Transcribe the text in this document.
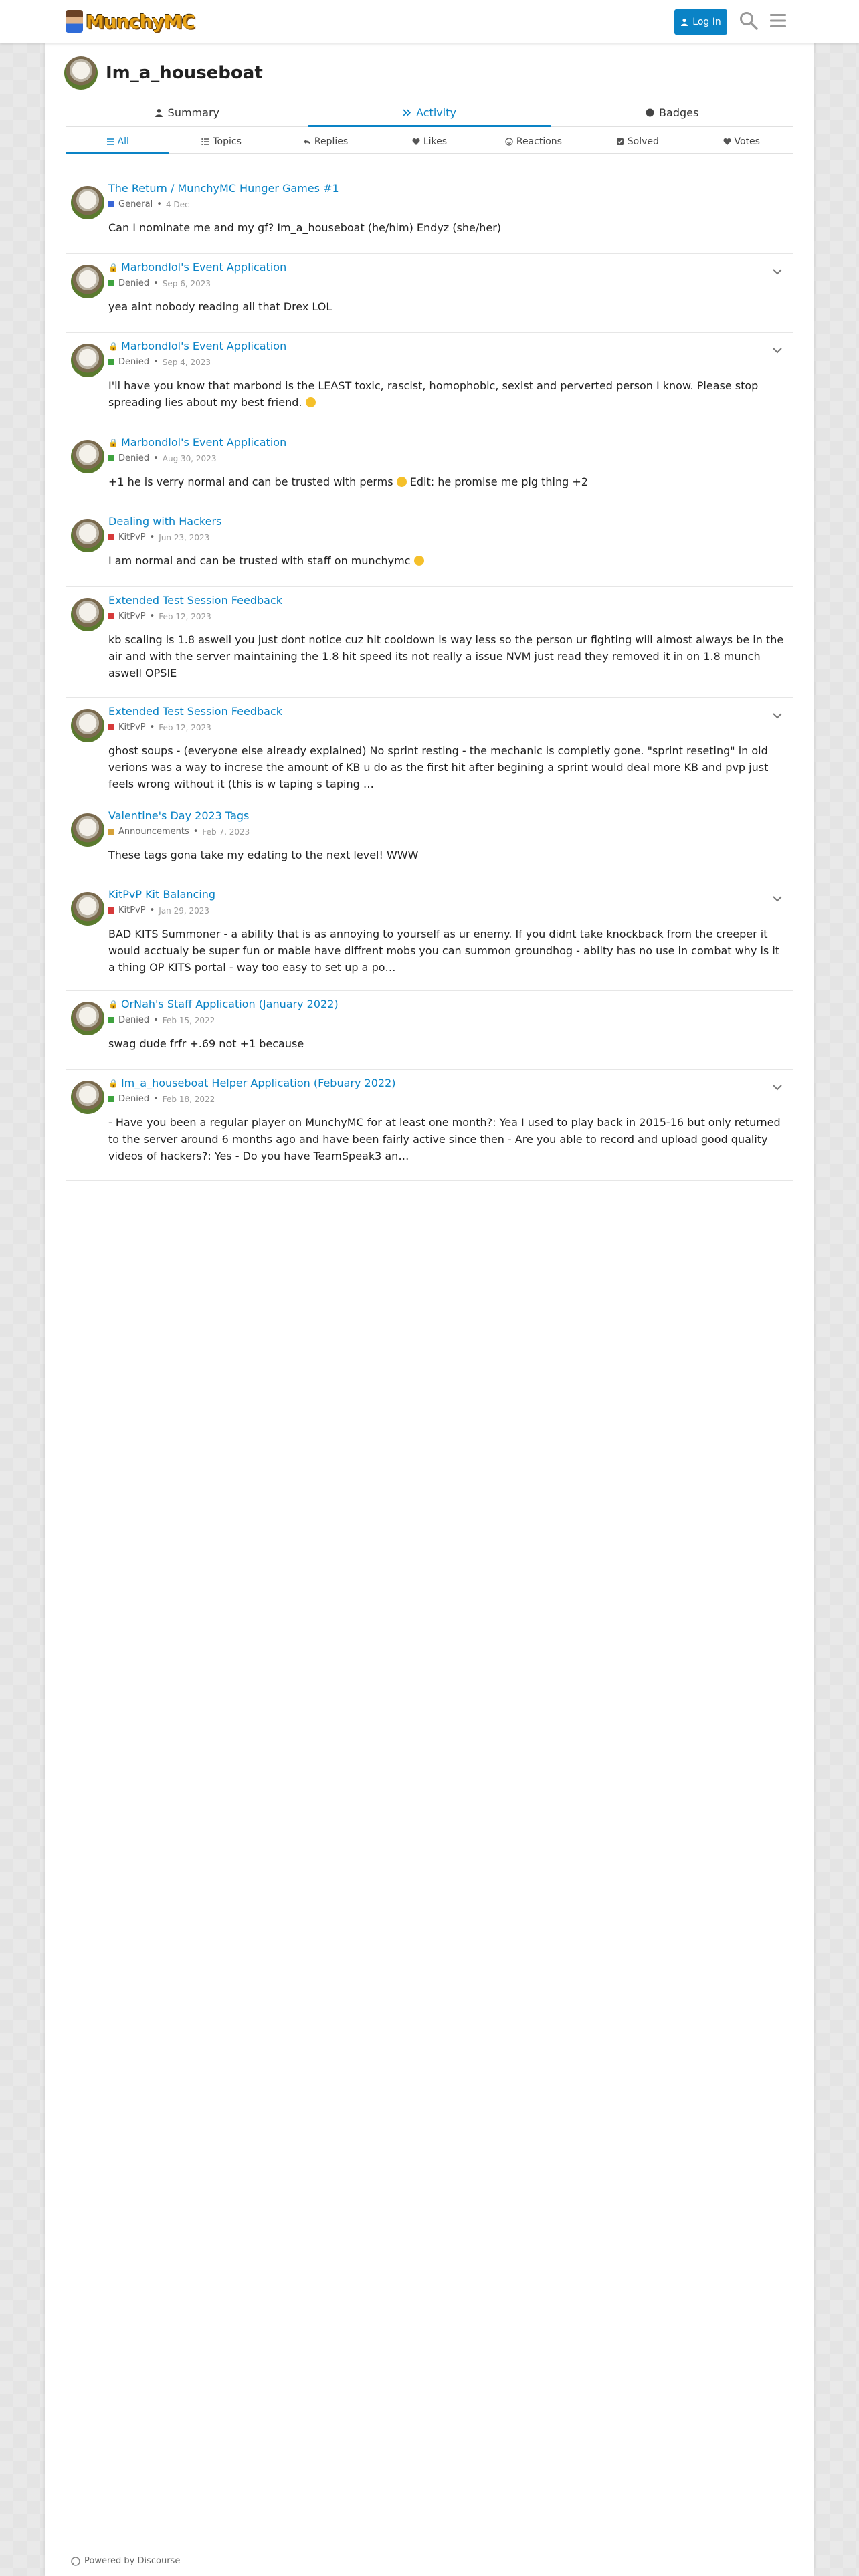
MunchyMC	Log In
Im_a_houseboat
Summary	Activity	Badges
All	Topics	Replies	Likes	Reactions	Solved	Votes
The Return / MunchyMC Hunger Games #1
General • 4 Dec
Can I nominate me and my gf? Im_a_houseboat (he/him) Endyz (she/her)
🔒 Marbondlol's Event Application
Denied • Sep 6, 2023
yea aint nobody reading all that Drex LOL
🔒 Marbondlol's Event Application
Denied • Sep 4, 2023
I'll have you know that marbond is the LEAST toxic, rascist, homophobic, sexist and perverted person I know. Please stop spreading lies about my best friend.
🔒 Marbondlol's Event Application
Denied • Aug 30, 2023
+1 he is verry normal and can be trusted with perms  Edit: he promise me pig thing +2
Dealing with Hackers
KitPvP • Jun 23, 2023
I am normal and can be trusted with staff on munchymc
Extended Test Session Feedback
KitPvP • Feb 12, 2023
kb scaling is 1.8 aswell you just dont notice cuz hit cooldown is way less so the person ur fighting will almost always be in the air and with the server maintaining the 1.8 hit speed its not really a issue NVM just read they removed it in on 1.8 munch aswell OPSIE
Extended Test Session Feedback
KitPvP • Feb 12, 2023
ghost soups - (everyone else already explained) No sprint resting - the mechanic is completly gone. "sprint reseting" in old verions was a way to increse the amount of KB u do as the first hit after begining a sprint would deal more KB and pvp just feels wrong without it (this is w taping s taping …
Valentine's Day 2023 Tags
Announcements • Feb 7, 2023
These tags gona take my edating to the next level! WWW
KitPvP Kit Balancing
KitPvP • Jan 29, 2023
BAD KITS Summoner - a ability that is as annoying to yourself as ur enemy. If you didnt take knockback from the creeper it would acctualy be super fun or mabie have diffrent mobs you can summon groundhog - abilty has no use in combat why is it a thing OP KITS portal - way too easy to set up a po…
🔒 OrNah's Staff Application (January 2022)
Denied • Feb 15, 2022
swag dude frfr +.69 not +1 because
🔒 Im_a_houseboat Helper Application (Febuary 2022)
Denied • Feb 18, 2022
- Have you been a regular player on MunchyMC for at least one month?: Yea I used to play back in 2015-16 but only returned to the server around 6 months ago and have been fairly active since then - Are you able to record and upload good quality videos of hackers?: Yes - Do you have TeamSpeak3 an…
Powered by Discourse
